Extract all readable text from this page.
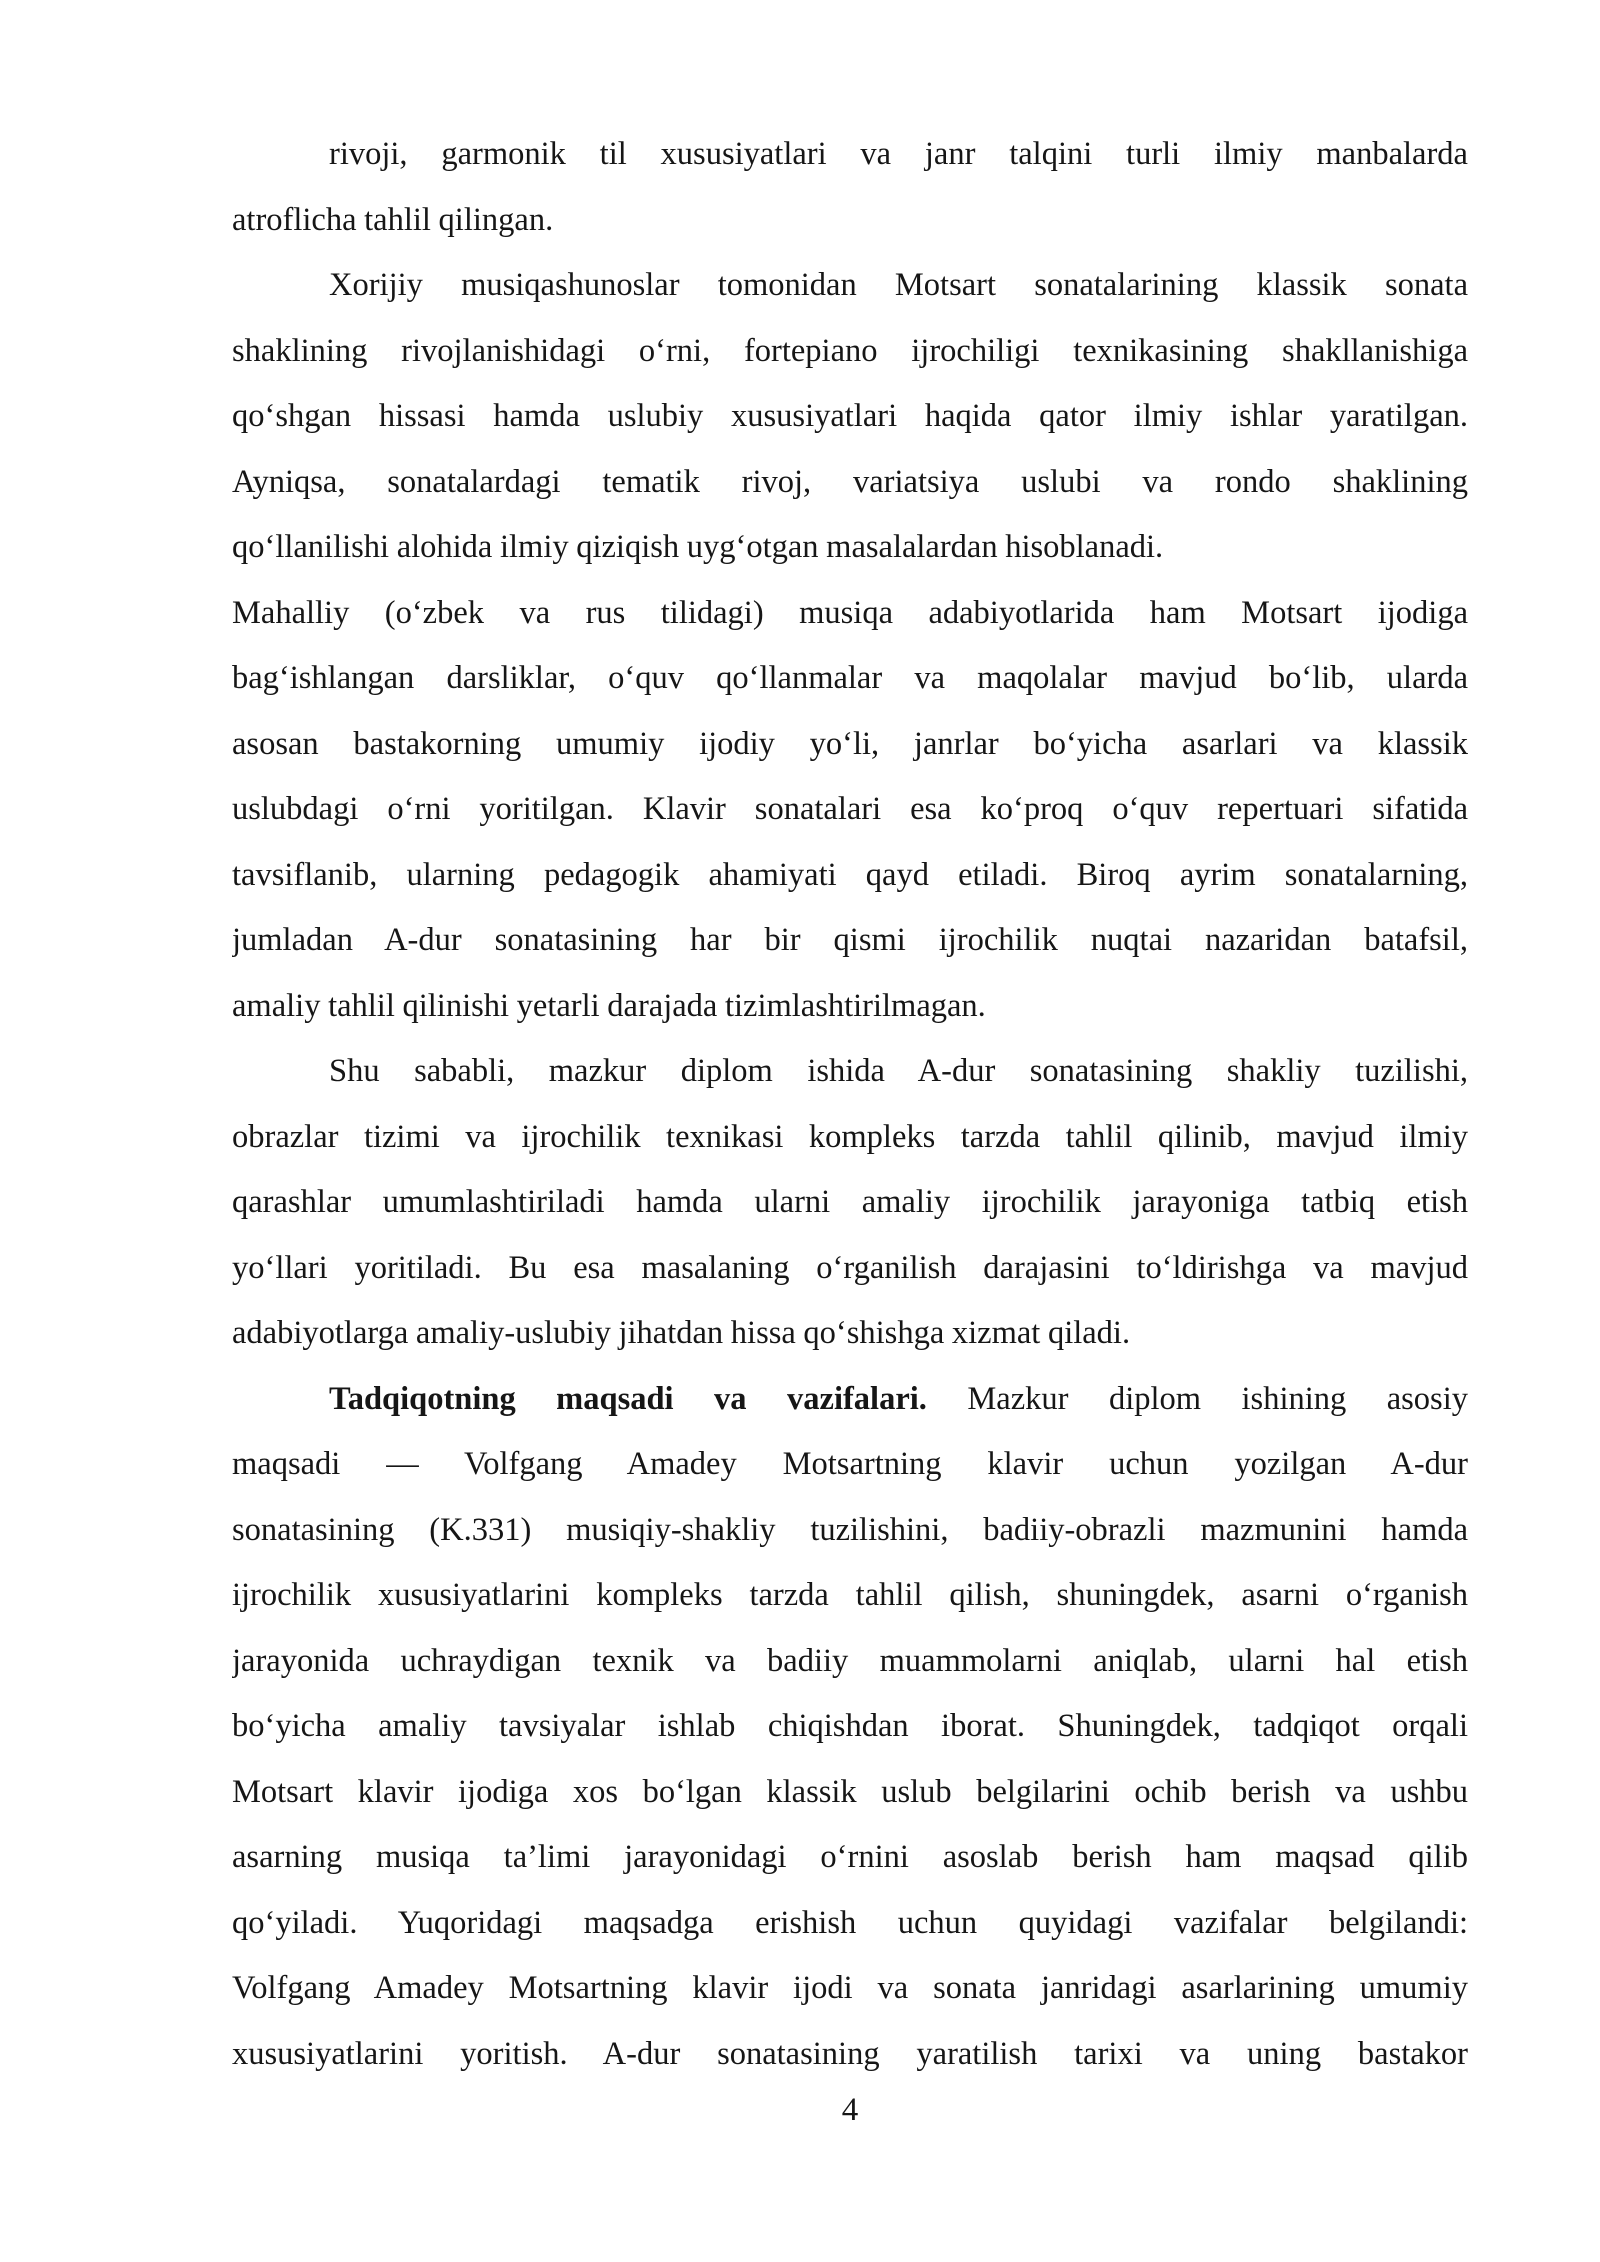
rivoji, garmonik til xususiyatlari va janr talqini turli ilmiy manbalarda
atroflicha tahlil qilingan.
Xorijiy musiqashunoslar tomonidan Motsart sonatalarining klassik sonata
shaklining rivojlanishidagi o‘rni, fortepiano ijrochiligi texnikasining shakllanishiga
qo‘shgan hissasi hamda uslubiy xususiyatlari haqida qator ilmiy ishlar yaratilgan.
Ayniqsa, sonatalardagi tematik rivoj, variatsiya uslubi va rondo shaklining
qo‘llanilishi alohida ilmiy qiziqish uyg‘otgan masalalardan hisoblanadi.
Mahalliy (o‘zbek va rus tilidagi) musiqa adabiyotlarida ham Motsart ijodiga
bag‘ishlangan darsliklar, o‘quv qo‘llanmalar va maqolalar mavjud bo‘lib, ularda
asosan bastakorning umumiy ijodiy yo‘li, janrlar bo‘yicha asarlari va klassik
uslubdagi o‘rni yoritilgan. Klavir sonatalari esa ko‘proq o‘quv repertuari sifatida
tavsiflanib, ularning pedagogik ahamiyati qayd etiladi. Biroq ayrim sonatalarning,
jumladan A-dur sonatasining har bir qismi ijrochilik nuqtai nazaridan batafsil,
amaliy tahlil qilinishi yetarli darajada tizimlashtirilmagan.
Shu sababli, mazkur diplom ishida A-dur sonatasining shakliy tuzilishi,
obrazlar tizimi va ijrochilik texnikasi kompleks tarzda tahlil qilinib, mavjud ilmiy
qarashlar umumlashtiriladi hamda ularni amaliy ijrochilik jarayoniga tatbiq etish
yo‘llari yoritiladi. Bu esa masalaning o‘rganilish darajasini to‘ldirishga va mavjud
adabiyotlarga amaliy-uslubiy jihatdan hissa qo‘shishga xizmat qiladi.
Tadqiqotning maqsadi va vazifalari. Mazkur diplom ishining asosiy
maqsadi — Volfgang Amadey Motsartning klavir uchun yozilgan A-dur
sonatasining (K.331) musiqiy-shakliy tuzilishini, badiiy-obrazli mazmunini hamda
ijrochilik xususiyatlarini kompleks tarzda tahlil qilish, shuningdek, asarni o‘rganish
jarayonida uchraydigan texnik va badiiy muammolarni aniqlab, ularni hal etish
bo‘yicha amaliy tavsiyalar ishlab chiqishdan iborat. Shuningdek, tadqiqot orqali
Motsart klavir ijodiga xos bo‘lgan klassik uslub belgilarini ochib berish va ushbu
asarning musiqa ta’limi jarayonidagi o‘rnini asoslab berish ham maqsad qilib
qo‘yiladi. Yuqoridagi maqsadga erishish uchun quyidagi vazifalar belgilandi:
Volfgang Amadey Motsartning klavir ijodi va sonata janridagi asarlarining umumiy
xususiyatlarini yoritish. A-dur sonatasining yaratilish tarixi va uning bastakor
4
